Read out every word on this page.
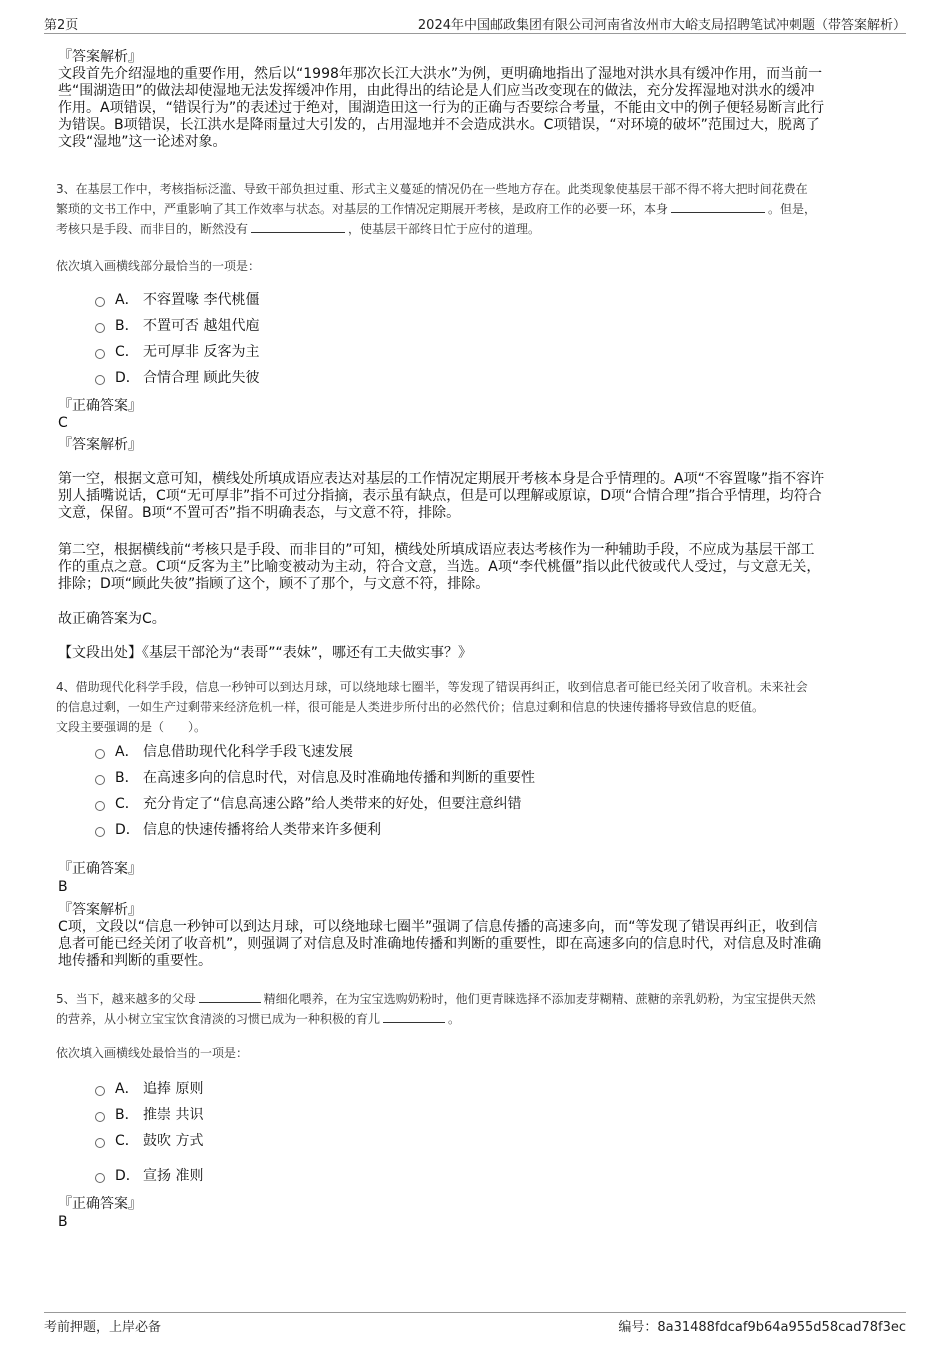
第2页	2024年中国邮政集团有限公司河南省汝州市大峪支局招聘笔试冲刺题（带答案解析）
『答案解析』
文段首先介绍湿地的重要作用，然后以“1998年那次长江大洪水”为例，更明确地指出了湿地对洪水具有缓冲作用，而当前一
些“围湖造田”的做法却使湿地无法发挥缓冲作用，由此得出的结论是人们应当改变现在的做法，充分发挥湿地对洪水的缓冲
作用。A项错误，“错误行为”的表述过于绝对，围湖造田这一行为的正确与否要综合考量，不能由文中的例子便轻易断言此行
为错误。B项错误，长江洪水是降雨量过大引发的，占用湿地并不会造成洪水。C项错误，“对环境的破坏”范围过大，脱离了
文段“湿地”这一论述对象。
3、在基层工作中，考核指标泛滥、导致干部负担过重、形式主义蔓延的情况仍在一些地方存在。此类现象使基层干部不得不将大把时间花费在
繁琐的文书工作中，严重影响了其工作效率与状态。对基层的工作情况定期展开考核，是政府工作的必要一环，本身	。但是，
考核只是手段、而非目的，断然没有	，使基层干部终日忙于应付的道理。
依次填入画横线部分最恰当的一项是：
A． 不容置喙 李代桃僵
B． 不置可否 越俎代庖
C． 无可厚非 反客为主
D． 合情合理 顾此失彼
『正确答案』
C
『答案解析』
第一空，根据文意可知，横线处所填成语应表达对基层的工作情况定期展开考核本身是合乎情理的。A项“不容置喙”指不容许
别人插嘴说话，C项“无可厚非”指不可过分指摘，表示虽有缺点，但是可以理解或原谅，D项“合情合理”指合乎情理，均符合
文意，保留。B项“不置可否”指不明确表态，与文意不符，排除。
第二空，根据横线前“考核只是手段、而非目的”可知，横线处所填成语应表达考核作为一种辅助手段，不应成为基层干部工
作的重点之意。C项“反客为主”比喻变被动为主动，符合文意，当选。A项“李代桃僵”指以此代彼或代人受过，与文意无关，
排除；D项“顾此失彼”指顾了这个，顾不了那个，与文意不符，排除。
故正确答案为C。
【文段出处】《基层干部沦为“表哥”“表妹”，哪还有工夫做实事？》
4、借助现代化科学手段，信息一秒钟可以到达月球，可以绕地球七圈半，等发现了错误再纠正，收到信息者可能已经关闭了收音机。未来社会
的信息过剩，一如生产过剩带来经济危机一样，很可能是人类进步所付出的必然代价；信息过剩和信息的快速传播将导致信息的贬值。
文段主要强调的是（　　）。
A． 信息借助现代化科学手段飞速发展
B． 在高速多向的信息时代，对信息及时准确地传播和判断的重要性
C． 充分肯定了“信息高速公路”给人类带来的好处，但要注意纠错
D． 信息的快速传播将给人类带来许多便利
『正确答案』
B
『答案解析』
C项，文段以“信息一秒钟可以到达月球，可以绕地球七圈半”强调了信息传播的高速多向，而“等发现了错误再纠正，收到信
息者可能已经关闭了收音机”，则强调了对信息及时准确地传播和判断的重要性，即在高速多向的信息时代，对信息及时准确
地传播和判断的重要性。
5、当下，越来越多的父母	精细化喂养，在为宝宝选购奶粉时，他们更青睐选择不添加麦芽糊精、蔗糖的亲乳奶粉，为宝宝提供天然
的营养，从小树立宝宝饮食清淡的习惯已成为一种积极的育儿	。
依次填入画横线处最恰当的一项是：
A． 追捧 原则
B． 推崇 共识
C． 鼓吹 方式
D． 宣扬 准则
『正确答案』
B
考前押题，上岸必备	编号：8a31488fdcaf9b64a955d58cad78f3ec
